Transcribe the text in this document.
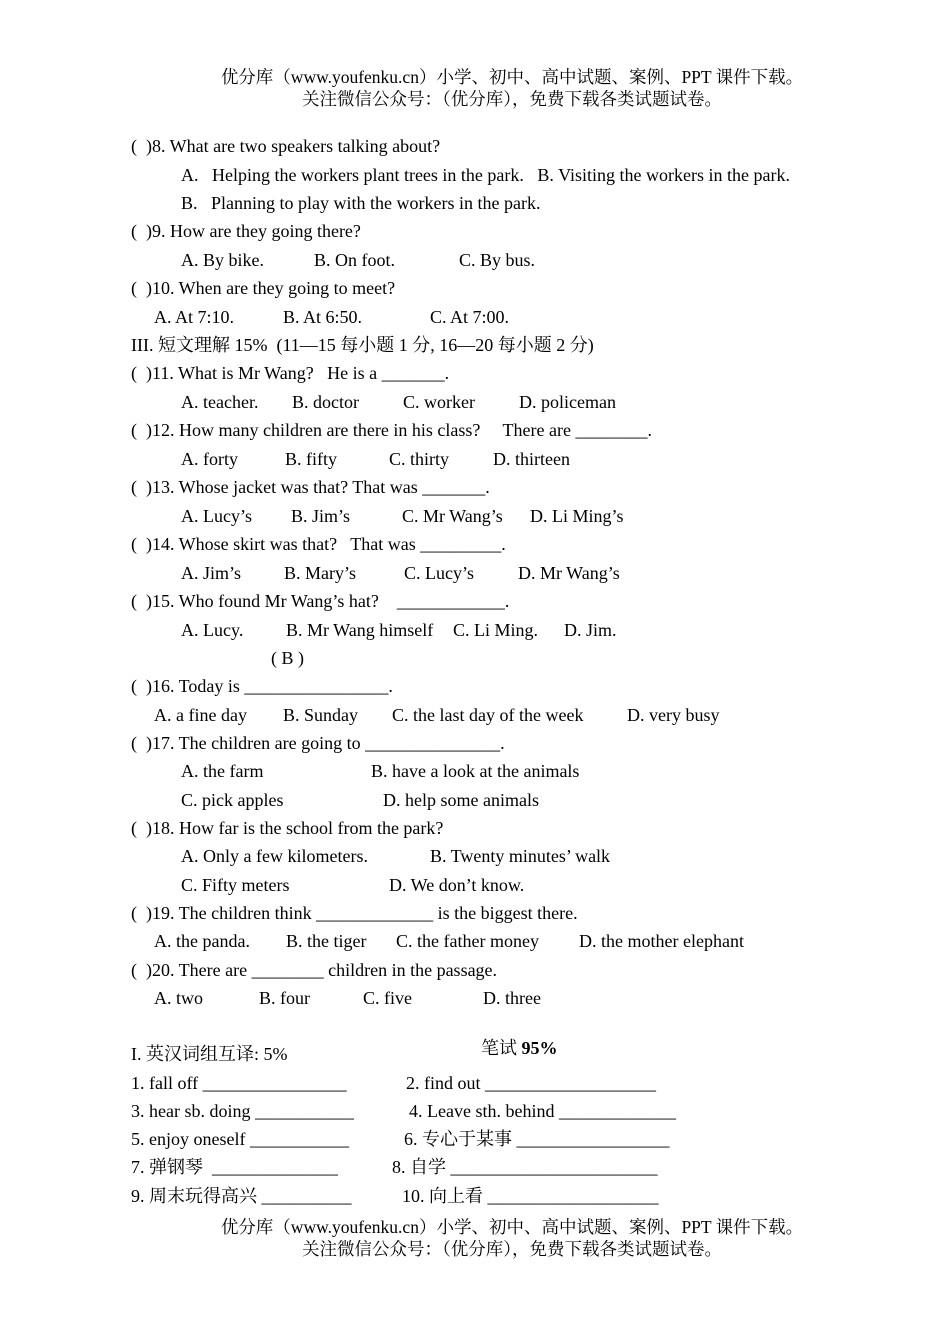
优分库（www.youfenku.cn）小学、初中、高中试题、案例、PPT 课件下载。
关注微信公众号：（优分库），免费下载各类试题试卷。
(  )8. What are two speakers talking about?
A.   Helping the workers plant trees in the park.   B. Visiting the workers in the park.
B.   Planning to play with the workers in the park.
(  )9. How are they going there?
A. By bike.	B. On foot.	C. By bus.
(  )10. When are they going to meet?
A. At 7:10.	B. At 6:50.	C. At 7:00.
III. 短文理解 15%  (11—15 每小题 1 分, 16—20 每小题 2 分)
(  )11. What is Mr Wang?   He is a _______.
A. teacher. B. doctor C. worker D. policeman
(  )12. How many children are there in his class?     There are ________.
A. forty	B. fifty	C. thirty D. thirteen
(  )13. Whose jacket was that? That was _______.
A. Lucy’s B. Jim’s	C. Mr Wang’s D. Li Ming’s
(  )14. Whose skirt was that?   That was _________.
A. Jim’s B. Mary’s	C. Lucy’s D. Mr Wang’s
(  )15. Who found Mr Wang’s hat?    ____________.
A. Lucy. B. Mr Wang himself C. Li Ming. D. Jim.
( B )
(  )16. Today is ________________.
A. a fine day B. Sunday C. the last day of the week D. very busy
(  )17. The children are going to _______________.
A. the farm	B. have a look at the animals
C. pick apples	D. help some animals
(  )18. How far is the school from the park?
A. Only a few kilometers.	B. Twenty minutes’ walk
C. Fifty meters	D. We don’t know.
(  )19. The children think _____________ is the biggest there.
A. the panda. B. the tiger C. the father money D. the mother elephant
(  )20. There are ________ children in the passage.
A. two	B. four	C. five	D. three

笔试 95%

I. 英汉词组互译: 5%
1. fall off ________________	2. find out ___________________
3. hear sb. doing ___________	4. Leave sth. behind _____________
5. enjoy oneself ___________	6. 专心于某事 _________________
7. 弹钢琴  ______________	8. 自学 _______________________
9. 周末玩得高兴 __________	10. 向上看 ___________________
优分库（www.youfenku.cn）小学、初中、高中试题、案例、PPT 课件下载。
关注微信公众号：（优分库），免费下载各类试题试卷。
